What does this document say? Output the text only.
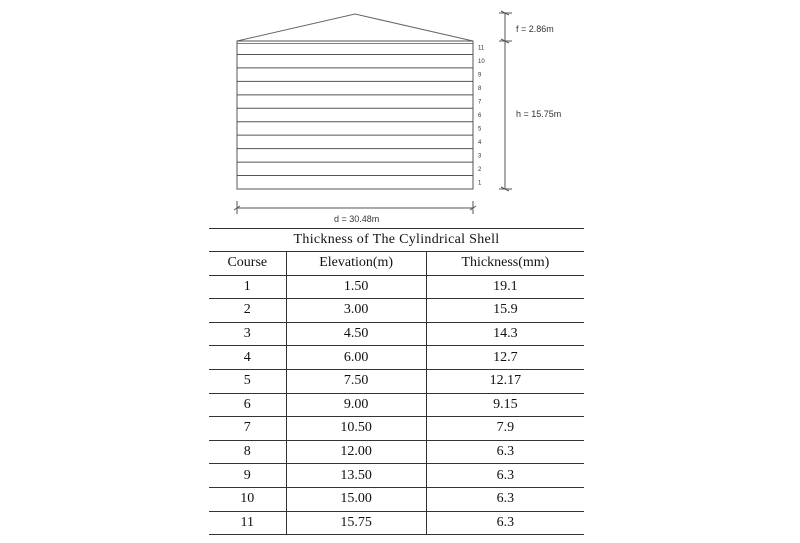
1
2
3
4
5
6
7
8
9
10
11
f = 2.86m
h = 15.75m
d = 30.48m
Thickness of The Cylindrical Shell		
Course	Elevation(m)	Thickness(mm)
1	1.50	19.1
2	3.00	15.9
3	4.50	14.3
4	6.00	12.7
5	7.50	12.17
6	9.00	9.15
7	10.50	7.9
8	12.00	6.3
9	13.50	6.3
10	15.00	6.3
11	15.75	6.3
